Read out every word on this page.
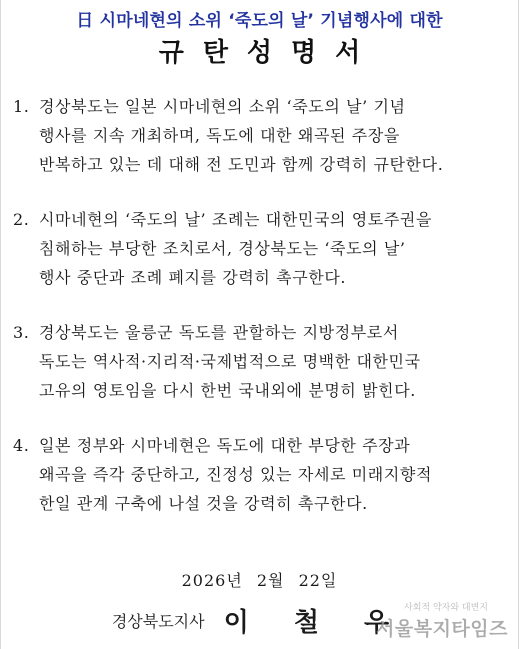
日 시마네현의 소위 ‘죽도의 날’ 기념행사에 대한
규탄성명서
1. 경상북도는 일본 시마네현의 소위 ‘죽도의 날’ 기념
행사를 지속 개최하며, 독도에 대한 왜곡된 주장을
반복하고 있는 데 대해 전 도민과 함께 강력히 규탄한다.
2. 시마네현의 ‘죽도의 날’ 조례는 대한민국의 영토주권을
침해하는 부당한 조치로서, 경상북도는 ‘죽도의 날’
행사 중단과 조례 폐지를 강력히 촉구한다.
3. 경상북도는 울릉군 독도를 관할하는 지방정부로서
독도는 역사적·지리적·국제법적으로 명백한 대한민국
고유의 영토임을 다시 한번 국내외에 분명히 밝힌다.
4. 일본 정부와 시마네현은 독도에 대한 부당한 주장과
왜곡을 즉각 중단하고, 진정성 있는 자세로 미래지향적
한일 관계 구축에 나설 것을 강력히 촉구한다.
2026년 2월 22일
경상북도지사 이 철 우
사회적 약자와 대변지
서울복지타임즈
